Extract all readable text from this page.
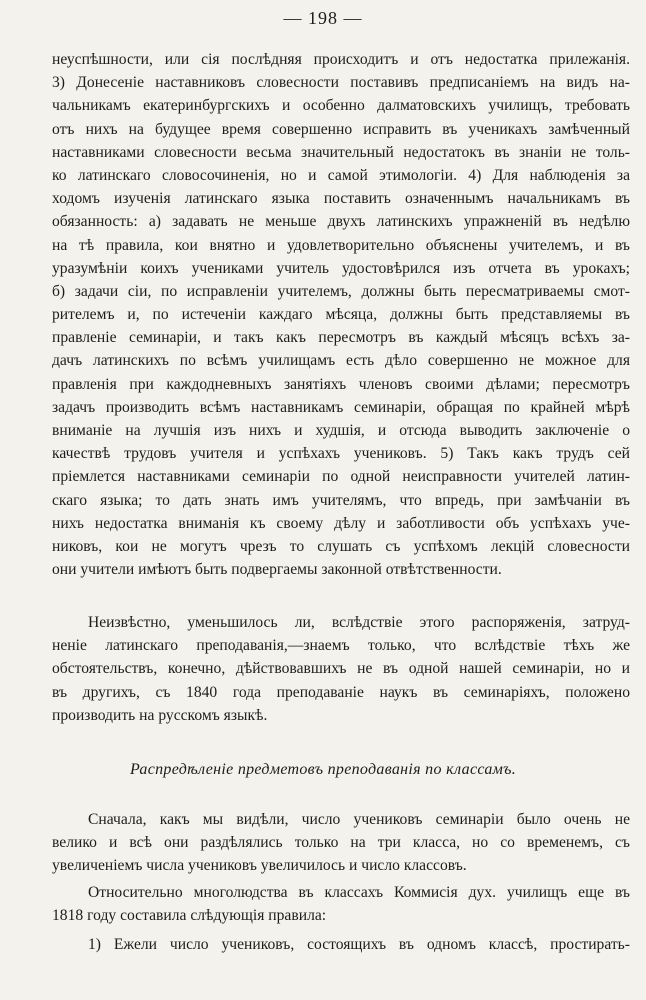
— 198 —
неуспѣшности, или сія послѣдняя происходитъ и отъ недостатка прилежанія.
3) Донесеніе наставниковъ словесности поставивъ предписаніемъ на видъ на-
чальникамъ екатеринбургскихъ и особенно далматовскихъ училищъ, требовать
отъ нихъ на будущее время совершенно исправить въ ученикахъ замѣченный
наставниками словесности весьма значительный недостатокъ въ знаніи не толь-
ко латинскаго словосочиненія, но и самой этимологіи. 4) Для наблюденія за
ходомъ изученія латинскаго языка поставить означеннымъ начальникамъ въ
обязанность: а) задавать не меньше двухъ латинскихъ упражненій въ недѣлю
на тѣ правила, кои внятно и удовлетворительно объяснены учителемъ, и въ
уразумѣніи коихъ учениками учитель удостовѣрился изъ отчета въ урокахъ;
б) задачи сіи, по исправленіи учителемъ, должны быть пересматриваемы смот-
рителемъ и, по истеченіи каждаго мѣсяца, должны быть представляемы въ
правленіе семинаріи, и такъ какъ пересмотръ въ каждый мѣсяцъ всѣхъ за-
дачъ латинскихъ по всѣмъ училищамъ есть дѣло совершенно не можное для
правленія при каждодневныхъ занятіяхъ членовъ своими дѣлами; пересмотръ
задачъ производить всѣмъ наставникамъ семинаріи, обращая по крайней мѣрѣ
вниманіе на лучшія изъ нихъ и худшія, и отсюда выводить заключеніе о
качествѣ трудовъ учителя и успѣхахъ учениковъ. 5) Такъ какъ трудъ сей
пріемлется наставниками семинаріи по одной неисправности учителей латин-
скаго языка; то дать знать имъ учителямъ, что впредь, при замѣчаніи въ
нихъ недостатка вниманія къ своему дѣлу и заботливости объ успѣхахъ уче-
никовъ, кои не могутъ чрезъ то слушать съ успѣхомъ лекцій словесности
они учители имѣютъ быть подвергаемы законной отвѣтственности.
Неизвѣстно, уменьшилось ли, вслѣдствіе этого распоряженія, затруд-
неніе латинскаго преподаванія,—знаемъ только, что вслѣдствіе тѣхъ же
обстоятельствъ, конечно, дѣйствовавшихъ не въ одной нашей семинаріи, но и
въ другихъ, съ 1840 года преподаваніе наукъ въ семинаріяхъ, положено
производить на русскомъ языкѣ.
Распредѣленіе предметовъ преподаванія по классамъ.
Сначала, какъ мы видѣли, число учениковъ семинаріи было очень не
велико и всѣ они раздѣлялись только на три класса, но со временемъ, съ
увеличеніемъ числа учениковъ увеличилось и число классовъ.
Относительно многолюдства въ классахъ Коммисія дух. училищъ еще въ
1818 году составила слѣдующія правила:
1) Ежели число учениковъ, состоящихъ въ одномъ классѣ, простирать-
